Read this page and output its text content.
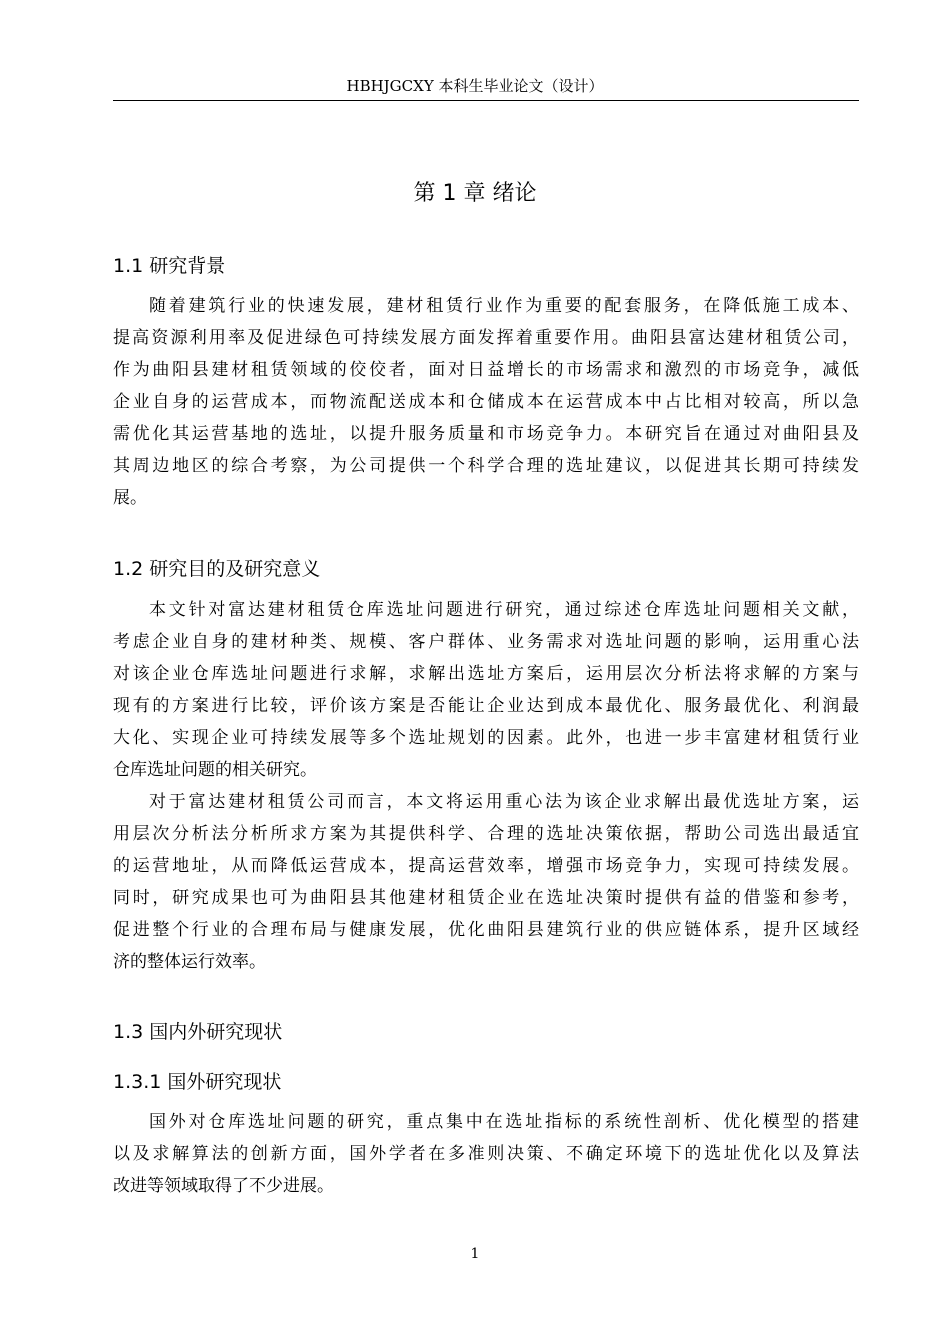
HBHJGCXY 本科生毕业论文（设计）
第 1 章 绪论
1.1 研究背景
随着建筑行业的快速发展，建材租赁行业作为重要的配套服务，在降低施工成本、
提高资源利用率及促进绿色可持续发展方面发挥着重要作用。曲阳县富达建材租赁公司，
作为曲阳县建材租赁领域的佼佼者，面对日益增长的市场需求和激烈的市场竞争，减低
企业自身的运营成本，而物流配送成本和仓储成本在运营成本中占比相对较高，所以急
需优化其运营基地的选址，以提升服务质量和市场竞争力。本研究旨在通过对曲阳县及
其周边地区的综合考察，为公司提供一个科学合理的选址建议，以促进其长期可持续发
展。
1.2 研究目的及研究意义
本文针对富达建材租赁仓库选址问题进行研究，通过综述仓库选址问题相关文献，
考虑企业自身的建材种类、规模、客户群体、业务需求对选址问题的影响，运用重心法
对该企业仓库选址问题进行求解，求解出选址方案后，运用层次分析法将求解的方案与
现有的方案进行比较，评价该方案是否能让企业达到成本最优化、服务最优化、利润最
大化、实现企业可持续发展等多个选址规划的因素。此外，也进一步丰富建材租赁行业
仓库选址问题的相关研究。
对于富达建材租赁公司而言，本文将运用重心法为该企业求解出最优选址方案，运
用层次分析法分析所求方案为其提供科学、合理的选址决策依据，帮助公司选出最适宜
的运营地址，从而降低运营成本，提高运营效率，增强市场竞争力，实现可持续发展。
同时，研究成果也可为曲阳县其他建材租赁企业在选址决策时提供有益的借鉴和参考，
促进整个行业的合理布局与健康发展，优化曲阳县建筑行业的供应链体系，提升区域经
济的整体运行效率。
1.3 国内外研究现状
1.3.1 国外研究现状
国外对仓库选址问题的研究，重点集中在选址指标的系统性剖析、优化模型的搭建
以及求解算法的创新方面，国外学者在多准则决策、不确定环境下的选址优化以及算法
改进等领域取得了不少进展。
1
